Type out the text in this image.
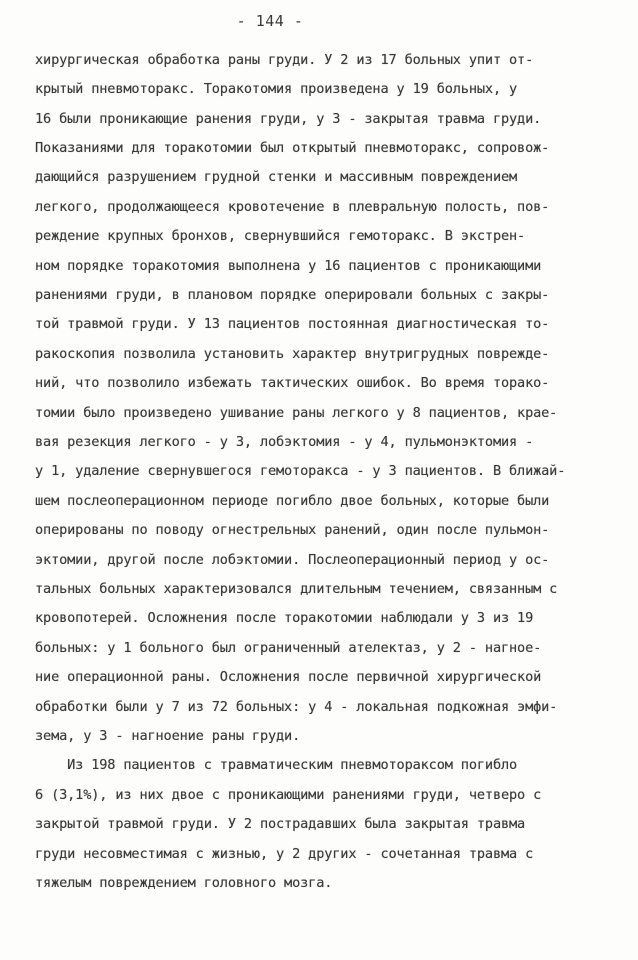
- 144 -
хирургическая обработка раны груди. У 2 из 17 больных упит от-
крытый пневмоторакс. Торакотомия произведена у 19 больных, у
16 были проникающие ранения груди, у 3 - закрытая травма груди.
Показаниями для торакотомии был открытый пневмоторакс, сопровож-
дающийся разрушением грудной стенки и массивным повреждением
легкого, продолжающееся кровотечение в плевральную полость, пов-
реждение крупных бронхов, свернувшийся гемоторакс. В экстрен-
ном порядке торакотомия выполнена у 16 пациентов с проникающими
ранениями груди, в плановом порядке оперировали больных с закры-
той травмой груди. У 13 пациентов постоянная диагностическая то-
ракоскопия позволила установить характер внутригрудных поврежде-
ний, что позволило избежать тактических ошибок. Во время торако-
томии было произведено ушивание раны легкого у 8 пациентов, крае-
вая резекция легкого - у 3, лобэктомия - у 4, пульмонэктомия -
у 1, удаление свернувшегося гемоторакса - у 3 пациентов. В ближай-
шем послеоперационном периоде погибло двое больных, которые были
оперированы по поводу огнестрельных ранений, один после пульмон-
эктомии, другой после лобэктомии. Послеоперационный период у ос-
тальных больных характеризовался длительным течением, связанным с
кровопотерей. Осложнения после торакотомии наблюдали у 3 из 19
больных: у 1 больного был ограниченный ателектаз, у 2 - нагное-
ние операционной раны. Осложнения после первичной хирургической
обработки были у 7 из 72 больных: у 4 - локальная подкожная эмфи-
зема, у 3 - нагноение раны груди.
Из 198 пациентов с травматическим пневмотораксом погибло
6 (3,1%), из них двое с проникающими ранениями груди, четверо с
закрытой травмой груди. У 2 пострадавших была закрытая травма
груди несовместимая с жизнью, у 2 других - сочетанная травма с
тяжелым повреждением головного мозга.
